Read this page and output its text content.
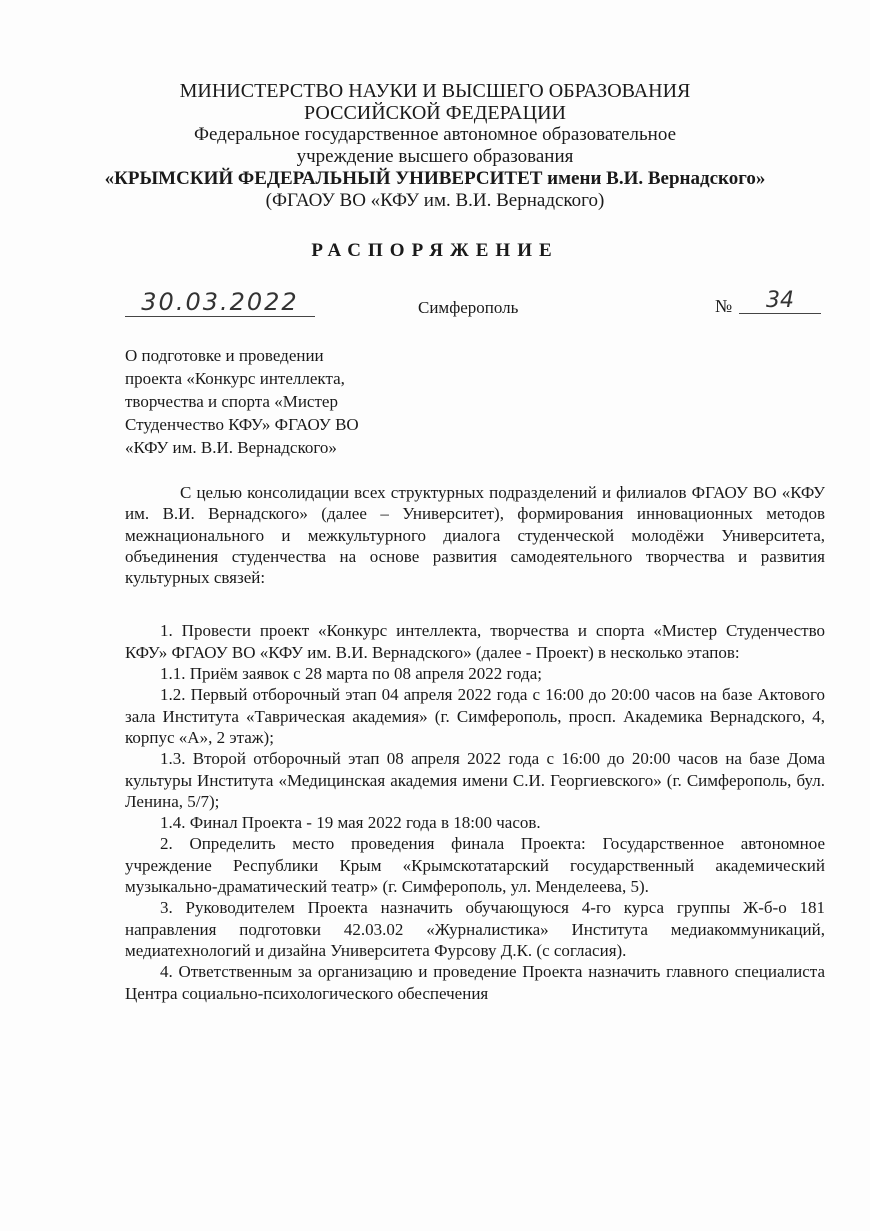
МИНИСТЕРСТВО НАУКИ И ВЫСШЕГО ОБРАЗОВАНИЯ
РОССИЙСКОЙ ФЕДЕРАЦИИ
Федеральное государственное автономное образовательное
учреждение высшего образования
«КРЫМСКИЙ ФЕДЕРАЛЬНЫЙ УНИВЕРСИТЕТ имени В.И. Вернадского»
(ФГАОУ ВО «КФУ им. В.И. Вернадского)
РАСПОРЯЖЕНИЕ
30.03.2022	Симферополь	№	34
О подготовке и проведении
проекта «Конкурс интеллекта,
творчества и спорта «Мистер
Студенчество КФУ» ФГАОУ ВО
«КФУ им. В.И. Вернадского»

С целью консолидации всех структурных подразделений и филиалов ФГАОУ ВО «КФУ им. В.И. Вернадского» (далее – Университет), формирования инновационных методов межнационального и межкультурного диалога студенческой молодёжи Университета, объединения студенчества на основе развития самодеятельного творчества и развития культурных связей:

1. Провести проект «Конкурс интеллекта, творчества и спорта «Мистер Студенчество КФУ» ФГАОУ ВО «КФУ им. В.И. Вернадского» (далее - Проект) в несколько этапов:

1.1. Приём заявок с 28 марта по 08 апреля 2022 года;

1.2. Первый отборочный этап 04 апреля 2022 года с 16:00 до 20:00 часов на базе Актового зала Института «Таврическая академия» (г. Симферополь, просп. Академика Вернадского, 4, корпус «А», 2 этаж);

1.3. Второй отборочный этап 08 апреля 2022 года с 16:00 до 20:00 часов на базе Дома культуры Института «Медицинская академия имени С.И. Георгиевского» (г. Симферополь, бул. Ленина, 5/7);

1.4. Финал Проекта - 19 мая 2022 года в 18:00 часов.

2. Определить место проведения финала Проекта: Государственное автономное учреждение Республики Крым «Крымскотатарский государственный академический музыкально-драматический театр» (г. Симферополь, ул. Менделеева, 5).

3. Руководителем Проекта назначить обучающуюся 4-го курса группы Ж-б-о 181 направления подготовки 42.03.02 «Журналистика» Института медиакоммуникаций, медиатехнологий и дизайна Университета Фурсову Д.К. (с согласия).

4. Ответственным за организацию и проведение Проекта назначить главного специалиста Центра социально-психологического обеспечения
